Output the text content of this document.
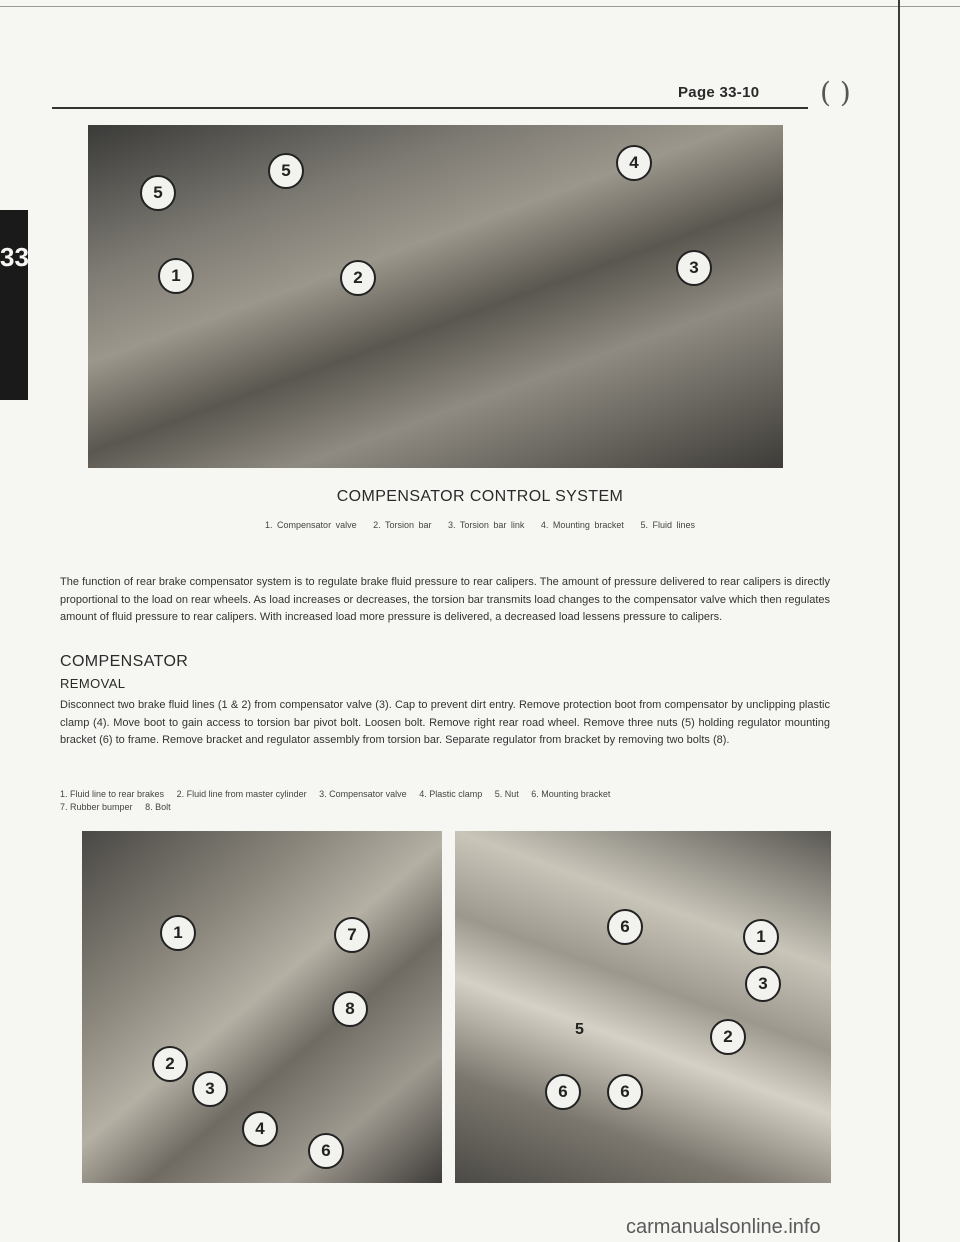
Page 33-10 ( )
33
5
5	4
3
2
1
COMPENSATOR CONTROL SYSTEM
1. Compensator valve 2. Torsion bar 3. Torsion bar link 4. Mounting bracket 5. Fluid lines
The function of rear brake compensator system is to regulate brake fluid pressure to rear calipers. The amount of pressure delivered to rear calipers is directly proportional to the load on rear wheels. As load increases or decreases, the torsion bar transmits load changes to the compensator valve which then regulates amount of fluid pressure to rear calipers. With increased load more pressure is delivered, a decreased load lessens pressure to calipers.
COMPENSATOR
REMOVAL
Disconnect two brake fluid lines (1 & 2) from compensator valve (3). Cap to prevent dirt entry. Remove protection boot from compensator by unclipping plastic clamp (4). Move boot to gain access to torsion bar pivot bolt. Loosen bolt. Remove right rear road wheel. Remove three nuts (5) holding regulator mounting bracket (6) to frame. Remove bracket and regulator assembly from torsion bar. Separate regulator from bracket by removing two bolts (8).
1. Fluid line to rear brakes 2. Fluid line from master cylinder 3. Compensator valve 4. Plastic clamp 5. Nut 6. Mounting bracket
7. Rubber bumper 8. Bolt
1	7
8
2
3
4
6
6
1
3
5
6	6
2
carmanualsonline.info
